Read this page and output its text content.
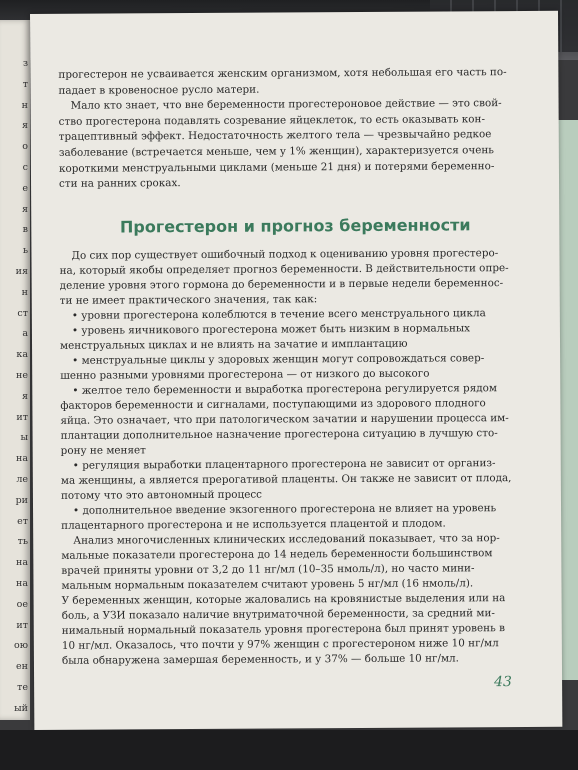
з
т
н
я
о
с
е
я
в
ь
ия
н
ст
а
ка
не
я
ит
ы
на
ле
ри
ет
ть
на
на
ое
ит
ою
ен
те
ый
43
прогестерон не усваивается женским организмом, хотя небольшая его часть по-
падает в кровеносное русло матери.
Мало кто знает, что вне беременности прогестероновое действие — это свой-
ство прогестерона подавлять созревание яйцеклеток, то есть оказывать кон-
трацептивный эффект. Недостаточность желтого тела — чрезвычайно редкое
заболевание (встречается меньше, чем у 1% женщин), характеризуется очень
короткими менструальными циклами (меньше 21 дня) и потерями беременно-
сти на ранних сроках.
Прогестерон и прогноз беременности
До сих пор существует ошибочный подход к оцениванию уровня прогестеро-
на, который якобы определяет прогноз беременности. В действительности опре-
деление уровня этого гормона до беременности и в первые недели беременнос-
ти не имеет практического значения, так как:
• уровни прогестерона колеблются в течение всего менструального цикла
• уровень яичникового прогестерона может быть низким в нормальных
менструальных циклах и не влиять на зачатие и имплантацию
• менструальные циклы у здоровых женщин могут сопровождаться совер-
шенно разными уровнями прогестерона — от низкого до высокого
• желтое тело беременности и выработка прогестерона регулируется рядом
факторов беременности и сигналами, поступающими из здорового плодного
яйца. Это означает, что при патологическом зачатии и нарушении процесса им-
плантации дополнительное назначение прогестерона ситуацию в лучшую сто-
рону не меняет
• регуляция выработки плацентарного прогестерона не зависит от организ-
ма женщины, а является прерогативой плаценты. Он также не зависит от плода,
потому что это автономный процесс
• дополнительное введение экзогенного прогестерона не влияет на уровень
плацентарного прогестерона и не используется плацентой и плодом.
Анализ многочисленных клинических исследований показывает, что за нор-
мальные показатели прогестерона до 14 недель беременности большинством
врачей приняты уровни от 3,2 до 11 нг/мл (10–35 нмоль/л), но часто мини-
мальным нормальным показателем считают уровень 5 нг/мл (16 нмоль/л).
У беременных женщин, которые жаловались на кровянистые выделения или на
боль, а УЗИ показало наличие внутриматочной беременности, за средний ми-
нимальный нормальный показатель уровня прогестерона был принят уровень в
10 нг/мл. Оказалось, что почти у 97% женщин с прогестероном ниже 10 нг/мл
была обнаружена замершая беременность, и у 37% — больше 10 нг/мл.
